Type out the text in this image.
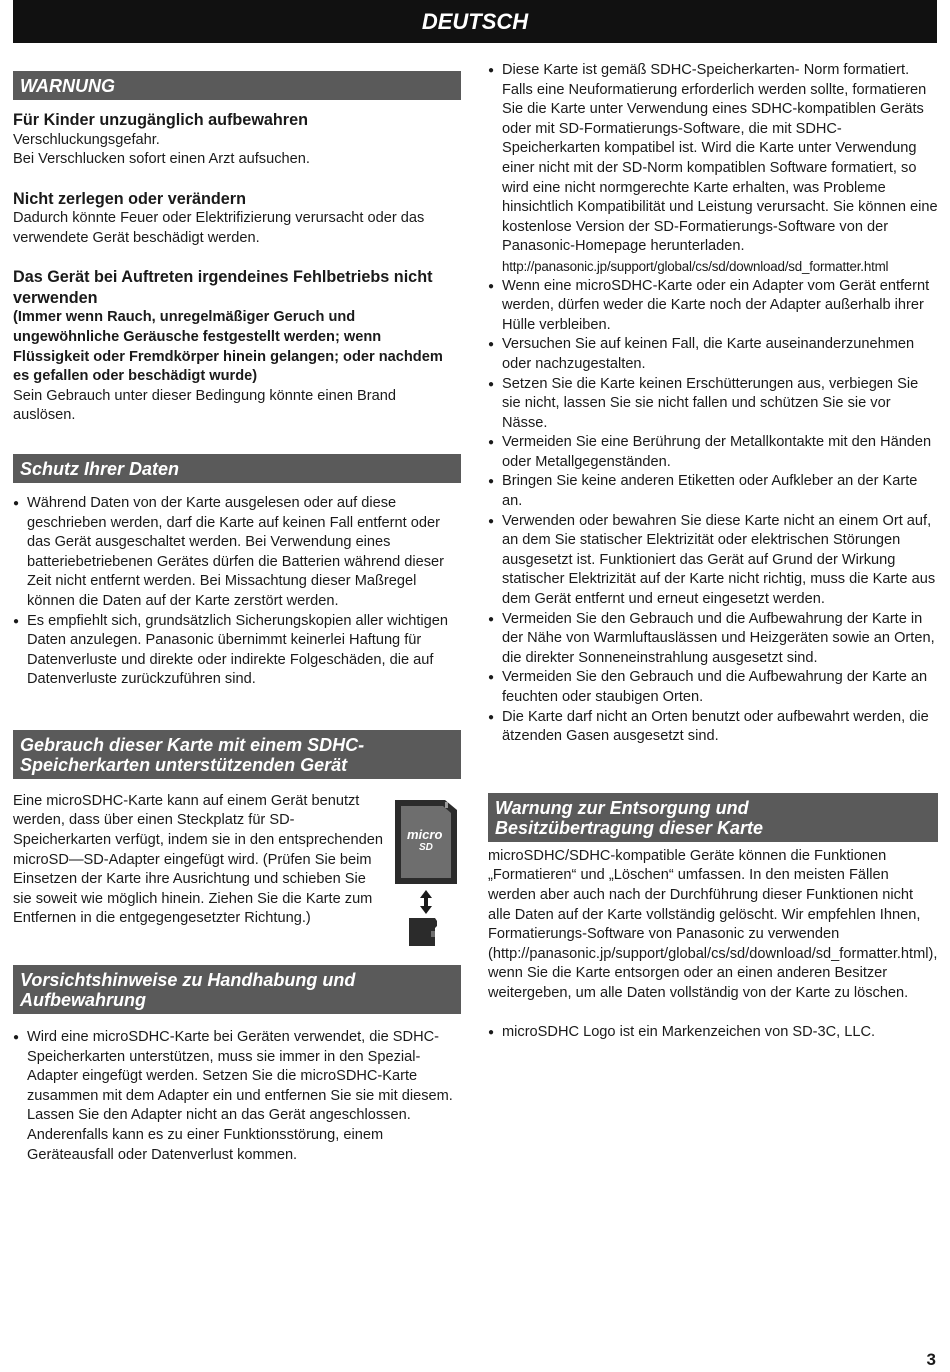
DEUTSCH
WARNUNG

Für Kinder unzugänglich aufbewahren

Verschluckungsgefahr.

Bei Verschlucken sofort einen Arzt aufsuchen.

Nicht zerlegen oder verändern

Dadurch könnte Feuer oder Elektrifizierung verursacht oder das verwendete Gerät beschädigt werden.

Das Gerät bei Auftreten irgendeines Fehlbetriebs nicht verwenden

(Immer wenn Rauch, unregelmäßiger Geruch und ungewöhnliche Geräusche festgestellt werden; wenn Flüssigkeit oder Fremdkörper hinein gelangen; oder nachdem es gefallen oder beschädigt wurde)

Sein Gebrauch unter dieser Bedingung könnte einen Brand auslösen.

Schutz Ihrer Daten
● Während Daten von der Karte ausgelesen oder auf diese geschrieben werden, darf die Karte auf keinen Fall entfernt oder das Gerät ausgeschaltet werden. Bei Verwendung eines batteriebetriebenen Gerätes dürfen die Batterien während dieser Zeit nicht entfernt werden. Bei Missachtung dieser Maßregel können die Daten auf der Karte zerstört werden.
● Es empfiehlt sich, grundsätzlich Sicherungskopien aller wichtigen Daten anzulegen. Panasonic übernimmt keinerlei Haftung für Datenverluste und direkte oder indirekte Folgeschäden, die auf Datenverluste zurückzuführen sind.
Gebrauch dieser Karte mit einem SDHC-
Speicherkarten unterstützenden Gerät

Eine microSDHC-Karte kann auf einem Gerät benutzt werden, dass über einen Steckplatz für SD-Speicherkarten verfügt, indem sie in den entsprechenden microSD—SD-Adapter eingefügt wird. (Prüfen Sie beim Einsetzen der Karte ihre Ausrichtung und schieben Sie sie soweit wie möglich hinein. Ziehen Sie die Karte zum Entfernen in die entgegengesetzter Richtung.)

micro
SD
Vorsichtshinweise zu Handhabung und
Aufbewahrung
● Wird eine microSDHC-Karte bei Geräten verwendet, die SDHC-Speicherkarten unterstützen, muss sie immer in den Spezial-Adapter eingefügt werden. Setzen Sie die microSDHC-Karte zusammen mit dem Adapter ein und entfernen Sie sie mit diesem. Lassen Sie den Adapter nicht an das Gerät angeschlossen. Anderenfalls kann es zu einer Funktionsstörung, einem Geräteausfall oder Datenverlust kommen.
● Diese Karte ist gemäß SDHC-Speicherkarten- Norm formatiert. Falls eine Neuformatierung erforderlich werden sollte, formatieren Sie die Karte unter Verwendung eines SDHC-kompatiblen Geräts oder mit SD-Formatierungs-Software, die mit SDHC-Speicherkarten kompatibel ist. Wird die Karte unter Verwendung einer nicht mit der SD-Norm kompatiblen Software formatiert, so wird eine nicht normgerechte Karte erhalten, was Probleme hinsichtlich Kompatibilität und Leistung verursacht. Sie können eine kostenlose Version der SD-Formatierungs-Software von der Panasonic-Homepage herunterladen.
http://panasonic.jp/support/global/cs/sd/download/sd_formatter.html
● Wenn eine microSDHC-Karte oder ein Adapter vom Gerät entfernt werden, dürfen weder die Karte noch der Adapter außerhalb ihrer Hülle verbleiben.
● Versuchen Sie auf keinen Fall, die Karte auseinanderzunehmen oder nachzugestalten.
● Setzen Sie die Karte keinen Erschütterungen aus, verbiegen Sie sie nicht, lassen Sie sie nicht fallen und schützen Sie sie vor Nässe.
● Vermeiden Sie eine Berührung der Metallkontakte mit den Händen oder Metallgegenständen.
● Bringen Sie keine anderen Etiketten oder Aufkleber an der Karte an.
● Verwenden oder bewahren Sie diese Karte nicht an einem Ort auf, an dem Sie statischer Elektrizität oder elektrischen Störungen ausgesetzt ist. Funktioniert das Gerät auf Grund der Wirkung statischer Elektrizität auf der Karte nicht richtig, muss die Karte aus dem Gerät entfernt und erneut eingesetzt werden.
● Vermeiden Sie den Gebrauch und die Aufbewahrung der Karte in der Nähe von Warmluftauslässen und Heizgeräten sowie an Orten, die direkter Sonneneinstrahlung ausgesetzt sind.
● Vermeiden Sie den Gebrauch und die Aufbewahrung der Karte an feuchten oder staubigen Orten.
● Die Karte darf nicht an Orten benutzt oder aufbewahrt werden, die ätzenden Gasen ausgesetzt sind.
Warnung zur Entsorgung und
Besitzübertragung dieser Karte

microSDHC/SDHC-kompatible Geräte können die Funktionen „Formatieren“ und „Löschen“ umfassen. In den meisten Fällen werden aber auch nach der Durchführung dieser Funktionen nicht alle Daten auf der Karte vollständig gelöscht. Wir empfehlen Ihnen, Formatierungs-Software von Panasonic zu verwenden (http://panasonic.jp/support/global/cs/sd/download/sd_formatter.html), wenn Sie die Karte entsorgen oder an einen anderen Besitzer weitergeben, um alle Daten vollständig von der Karte zu löschen.

● microSDHC Logo ist ein Markenzeichen von SD-3C, LLC.
3
